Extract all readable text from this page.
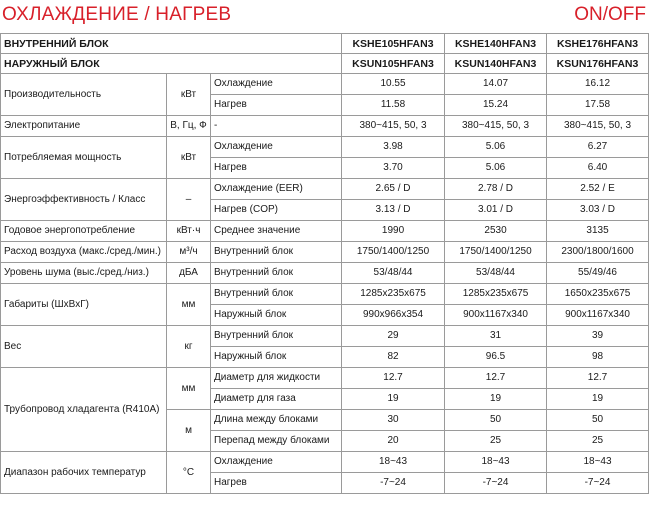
ОХЛАЖДЕНИЕ / НАГРЕВ	ON/OFF
ВНУТРЕННИЙ БЛОК			KSHE105HFAN3	KSHE140HFAN3	KSHE176HFAN3
НАРУЖНЫЙ БЛОК			KSUN105HFAN3	KSUN140HFAN3	KSUN176HFAN3
Производительность	кВт	Охлаждение	10.55	14.07	16.12
		Нагрев	11.58	15.24	17.58
Электропитание	В, Гц, Ф	-	380~415, 50, 3	380~415, 50, 3	380~415, 50, 3
Потребляемая мощность	кВт	Охлаждение	3.98	5.06	6.27
		Нагрев	3.70	5.06	6.40
Энергоэффективность / Класс	–	Охлаждение (EER)	2.65 / D	2.78 / D	2.52 / E
		Нагрев (COP)	3.13 / D	3.01 / D	3.03 / D
Годовое энергопотребление	кВт·ч	Среднее значение	1990	2530	3135
Расход воздуха (макс./сред./мин.)	м³/ч	Внутренний блок	1750/1400/1250	1750/1400/1250	2300/1800/1600
Уровень шума (выс./сред./низ.)	дБА	Внутренний блок	53/48/44	53/48/44	55/49/46
Габариты (ШхВхГ)	мм	Внутренний блок	1285x235x675	1285x235x675	1650x235x675
		Наружный блок	990x966x354	900x1167x340	900x1167x340
Вес	кг	Внутренний блок	29	31	39
		Наружный блок	82	96.5	98
Трубопровод хладагента (R410A)	мм	Диаметр для жидкости	12.7	12.7	12.7
		Диаметр для газа	19	19	19
	м	Длина между блоками	30	50	50
		Перепад между блоками	20	25	25
Диапазон рабочих температур	°C	Охлаждение	18~43	18~43	18~43
		Нагрев	-7~24	-7~24	-7~24
